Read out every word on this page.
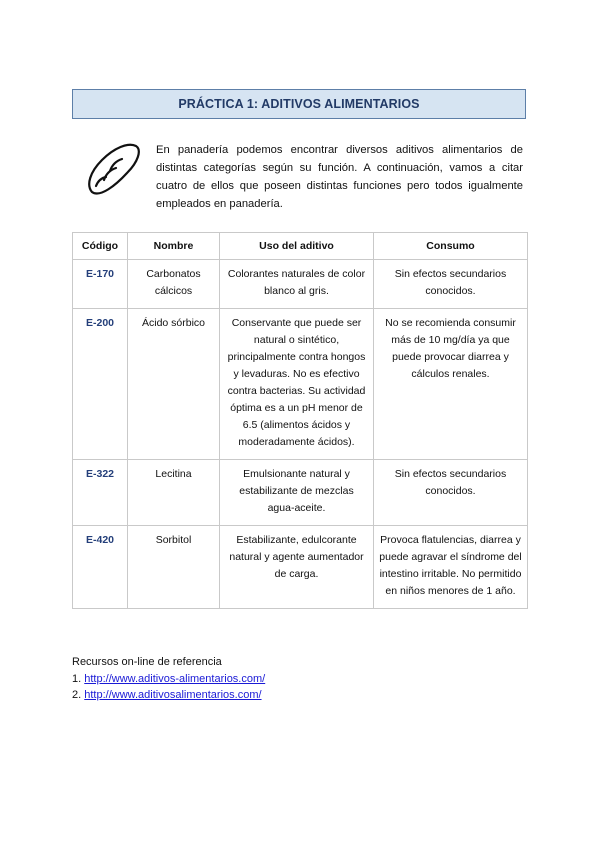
PRÁCTICA 1: ADITIVOS ALIMENTARIOS

En panadería podemos encontrar diversos aditivos alimentarios de distintas categorías según su función. A continuación, vamos a citar cuatro de ellos que poseen distintas funciones pero todos igualmente empleados en panadería.

Código	Nombre	Uso del aditivo	Consumo
E-170	Carbonatos cálcicos	Colorantes naturales de color blanco al gris.	Sin efectos secundarios conocidos.
E-200	Ácido sórbico	Conservante que puede ser natural o sintético, principalmente contra hongos y levaduras. No es efectivo contra bacterias. Su actividad óptima es a un pH menor de 6.5 (alimentos ácidos y moderadamente ácidos).	No se recomienda consumir más de 10 mg/día ya que puede provocar diarrea y cálculos renales.
E-322	Lecitina	Emulsionante natural y estabilizante de mezclas agua-aceite.	Sin efectos secundarios conocidos.
E-420	Sorbitol	Estabilizante, edulcorante natural y agente aumentador de carga.	Provoca flatulencias, diarrea y puede agravar el síndrome del intestino irritable. No permitido en niños menores de 1 año.
Recursos on-line de referencia
1. http://www.aditivos-alimentarios.com/
2. http://www.aditivosalimentarios.com/
